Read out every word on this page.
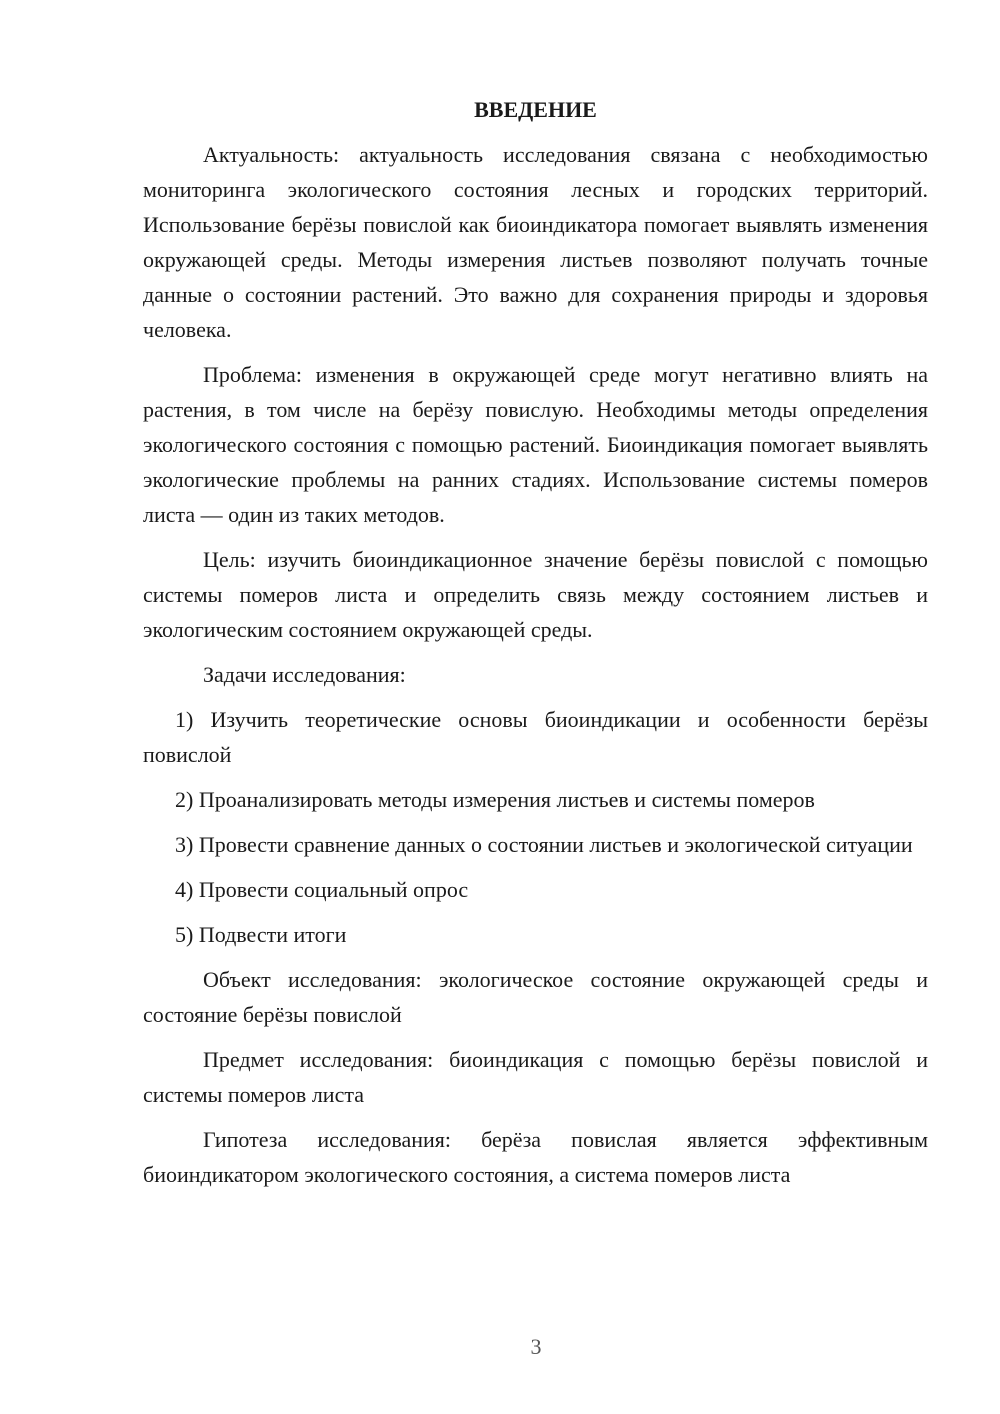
ВВЕДЕНИЕ

Актуальность: актуальность исследования связана с необходимостью мониторинга экологического состояния лесных и городских территорий. Использование берёзы повислой как биоиндикатора помогает выявлять изменения окружающей среды. Методы измерения листьев позволяют получать точные данные о состоянии растений. Это важно для сохранения природы и здоровья человека.

Проблема: изменения в окружающей среде могут негативно влиять на растения, в том числе на берёзу повислую. Необходимы методы определения экологического состояния с помощью растений. Биоиндикация помогает выявлять экологические проблемы на ранних стадиях. Использование системы померов листа — один из таких методов.

Цель: изучить биоиндикационное значение берёзы повислой с помощью системы померов листа и определить связь между состоянием листьев и экологическим состоянием окружающей среды.

Задачи исследования:

1) Изучить теоретические основы биоиндикации и особенности берёзы повислой

2) Проанализировать методы измерения листьев и системы померов

3) Провести сравнение данных о состоянии листьев и экологической ситуации

4) Провести социальный опрос

5) Подвести итоги

Объект исследования: экологическое состояние окружающей среды и состояние берёзы повислой

Предмет исследования: биоиндикация с помощью берёзы повислой и системы померов листа

Гипотеза исследования: берёза повислая является эффективным биоиндикатором экологического состояния, а система померов листа

3
